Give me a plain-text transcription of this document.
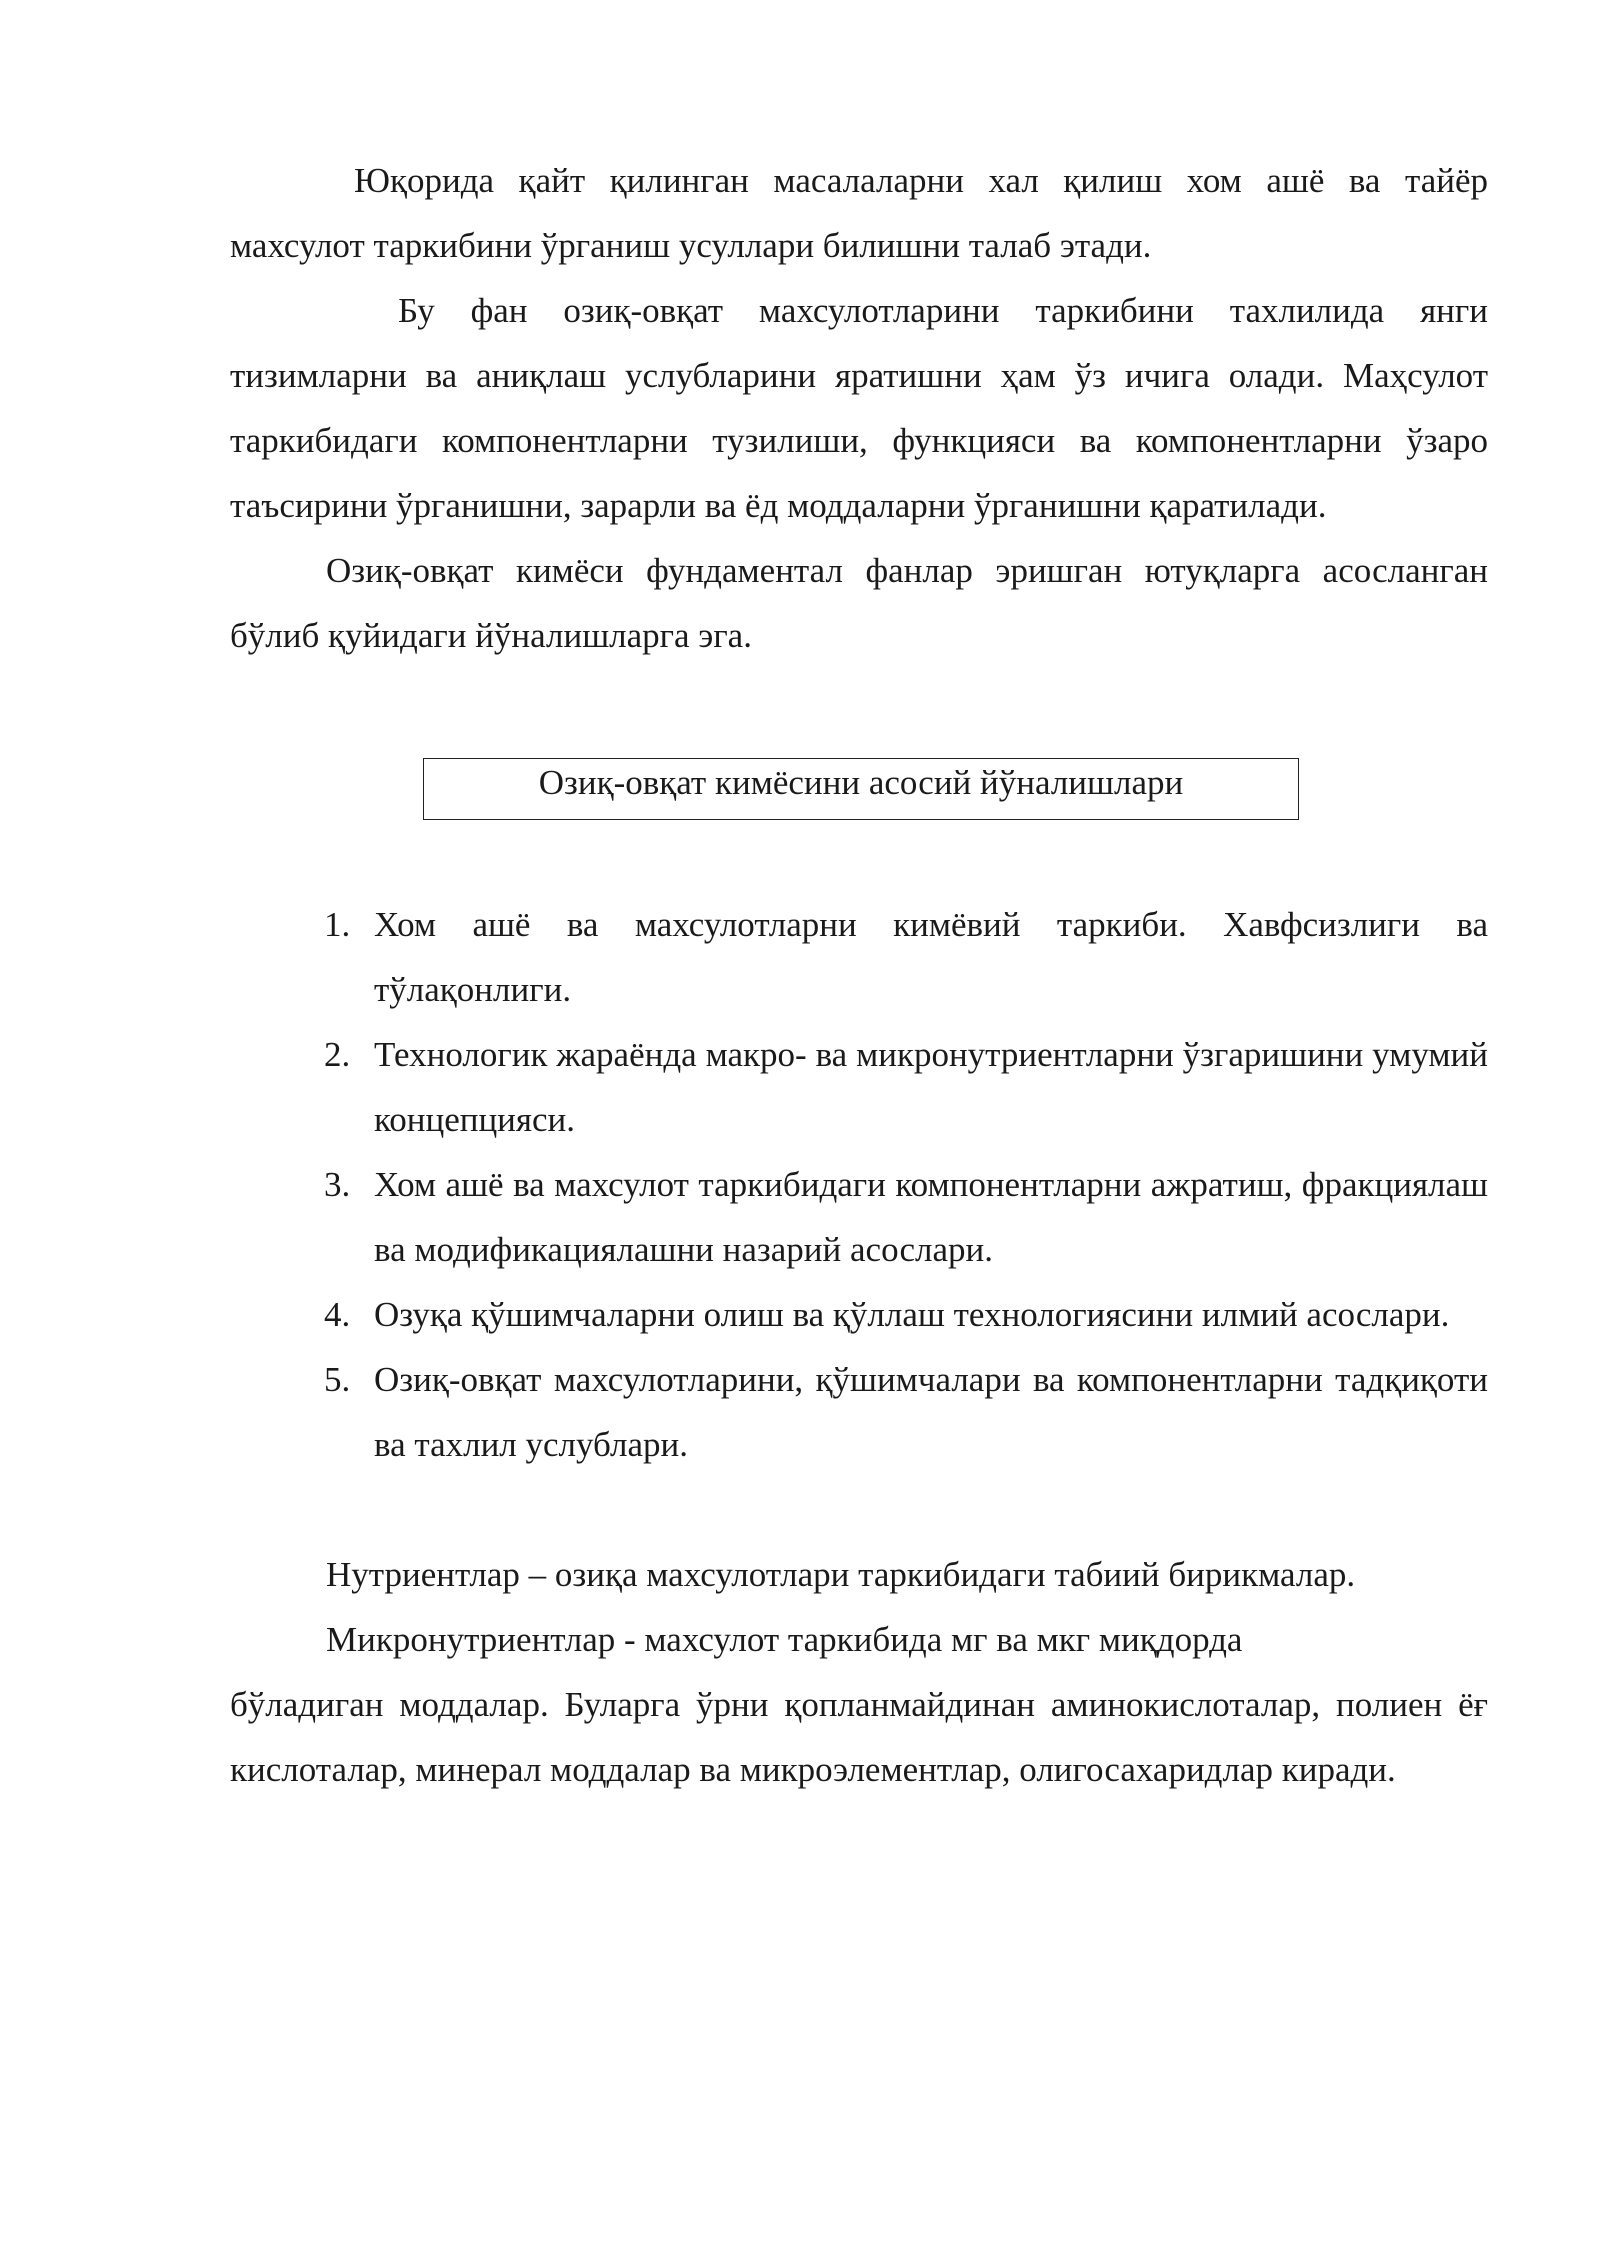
Юқорида қайт қилинган масалаларни хал қилиш хом ашё ва тайёр махсулот таркибини ўрганиш усуллари билишни талаб этади.

Бу фан озиқ-овқат махсулотларини таркибини тахлилида янги тизимларни ва аниқлаш услубларини яратишни ҳам ўз ичига олади. Маҳсулот таркибидаги компонентларни тузилиши, функцияси ва компонентларни ўзаро таъсирини ўрганишни, зарарли ва ёд моддаларни ўрганишни қаратилади.

Озиқ-овқат кимёси фундаментал фанлар эришган ютуқларга асосланган бўлиб қуйидаги йўналишларга эга.

Озиқ-овқат кимёсини асосий йўналишлари
1. Хом ашё ва махсулотларни кимёвий таркиби. Хавфсизлиги ва тўлақонлиги.
2. Технологик жараёнда макро- ва микронутриентларни ўзгаришини умумий концепцияси.
3. Хом ашё ва махсулот таркибидаги компонентларни ажратиш, фракциялаш ва модификациялашни назарий асослари.
4. Озуқа қўшимчаларни олиш ва қўллаш технологиясини илмий асослари.
5. Озиқ-овқат махсулотларини, қўшимчалари ва компонентларни тадқиқоти ва тахлил услублари.

Нутриентлар – озиқа махсулотлари таркибидаги табиий бирикмалар.

Микронутриентлар - махсулот таркибида мг ва мкг миқдорда

бўладиган моддалар. Буларга ўрни қопланмайдинан аминокислоталар, полиен ёғ кислоталар, минерал моддалар ва микроэлементлар, олигосахаридлар киради.
